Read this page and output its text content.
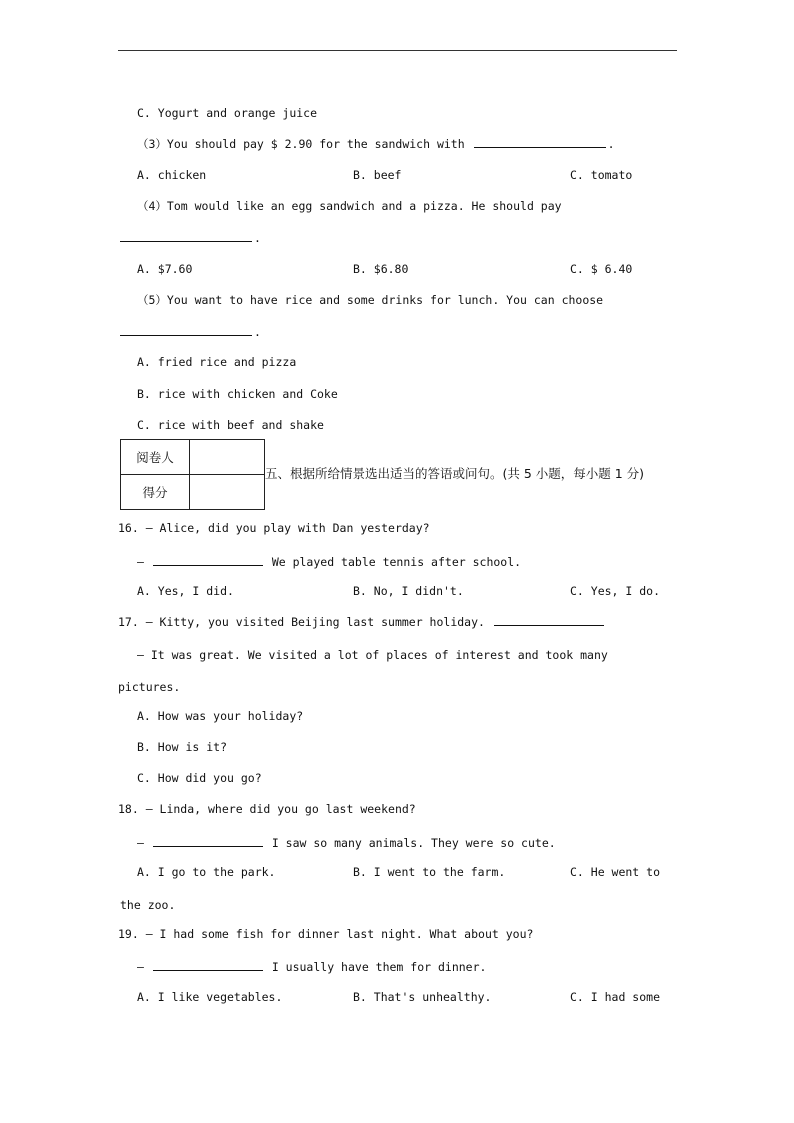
C. Yogurt and orange juice
（3）You should pay $ 2.90 for the sandwich with	.
A. chicken	B. beef	C. tomato
（4）Tom would like an egg sandwich and a pizza. He should pay
.
A. $7.60	B. $6.80	C. $ 6.40
（5）You want to have rice and some drinks for lunch. You can choose
.
A. fried rice and pizza
B. rice with chicken and Coke
C. rice with beef and shake
阅卷人	
得分	
五、根据所给情景选出适当的答语或问句。(共 5 小题，每小题 1 分)
16. — Alice, did you play with Dan yesterday?
—	We played table tennis after school.
A. Yes, I did.	B. No, I didn't.	C. Yes, I do.
17. — Kitty, you visited Beijing last summer holiday.
— It was great. We visited a lot of places of interest and took many
pictures.
A. How was your holiday?
B. How is it?
C. How did you go?
18. — Linda, where did you go last weekend?
—	I saw so many animals. They were so cute.
A. I go to the park.	B. I went to the farm.	C. He went to
the zoo.
19. — I had some fish for dinner last night. What about you?
—	I usually have them for dinner.
A. I like vegetables.	B. That's unhealthy.	C. I had some
